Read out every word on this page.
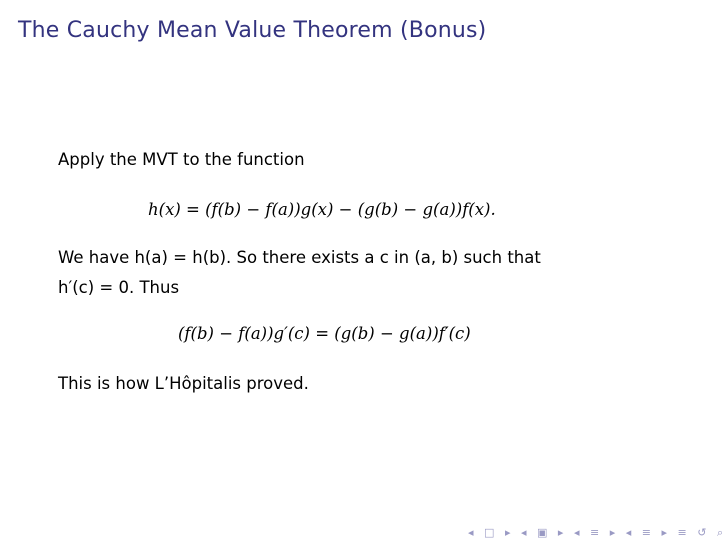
The Cauchy Mean Value Theorem (Bonus)
Apply the MVT to the function
h(x) = (f(b) − f(a))g(x) − (g(b) − g(a))f(x).
We have h(a) = h(b). So there exists a c in (a, b) such that
h′(c) = 0. Thus
(f(b) − f(a))g′(c) = (g(b) − g(a))f′(c)
This is how L’Hôpitalis proved.
◂ □ ▸ ◂ ▣ ▸ ◂ ≡ ▸ ◂ ≡ ▸ ≡ ↺ ⌕
